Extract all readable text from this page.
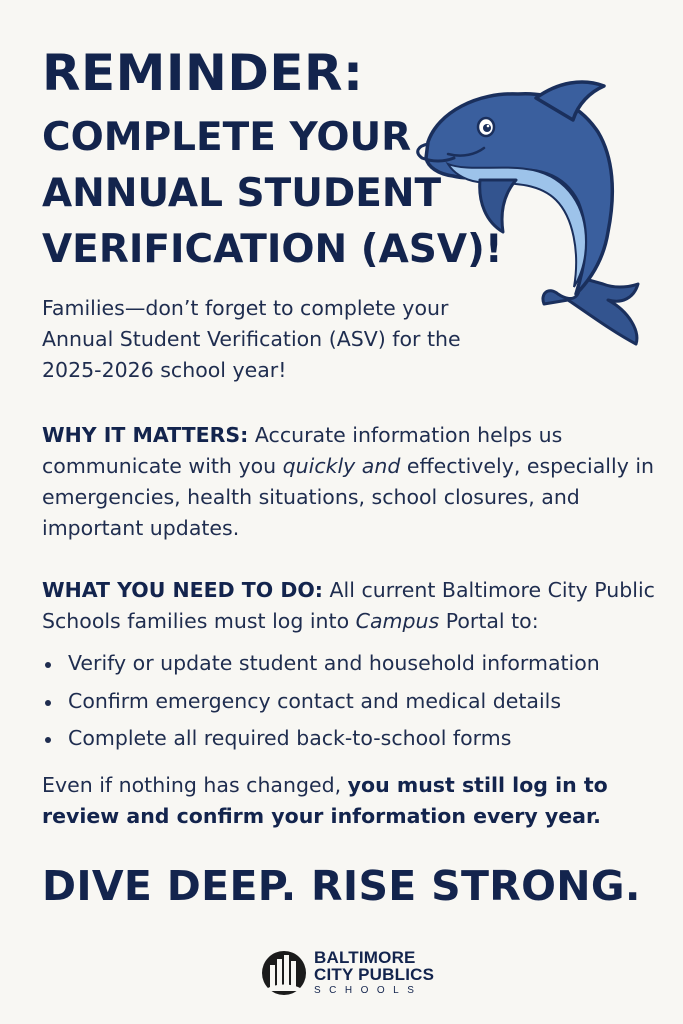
REMINDER:
COMPLETE YOUR
ANNUAL STUDENT
VERIFICATION (ASV)!
Families—don’t forget to complete your
Annual Student Verification (ASV) for the
2025-2026 school year!
WHY IT MATTERS: Accurate information helps us communicate with you quickly and effectively, especially in emergencies, health situations, school closures, and important updates.
WHAT YOU NEED TO DO: All current Baltimore City Public Schools families must log into Campus Portal to:
Verify or update student and household information
Confirm emergency contact and medical details
Complete all required back-to-school forms
Even if nothing has changed, you must still log in to review and confirm your information every year.
DIVE DEEP. RISE STRONG.
BALTIMORE
CITY PUBLICS
SCHOOLS
